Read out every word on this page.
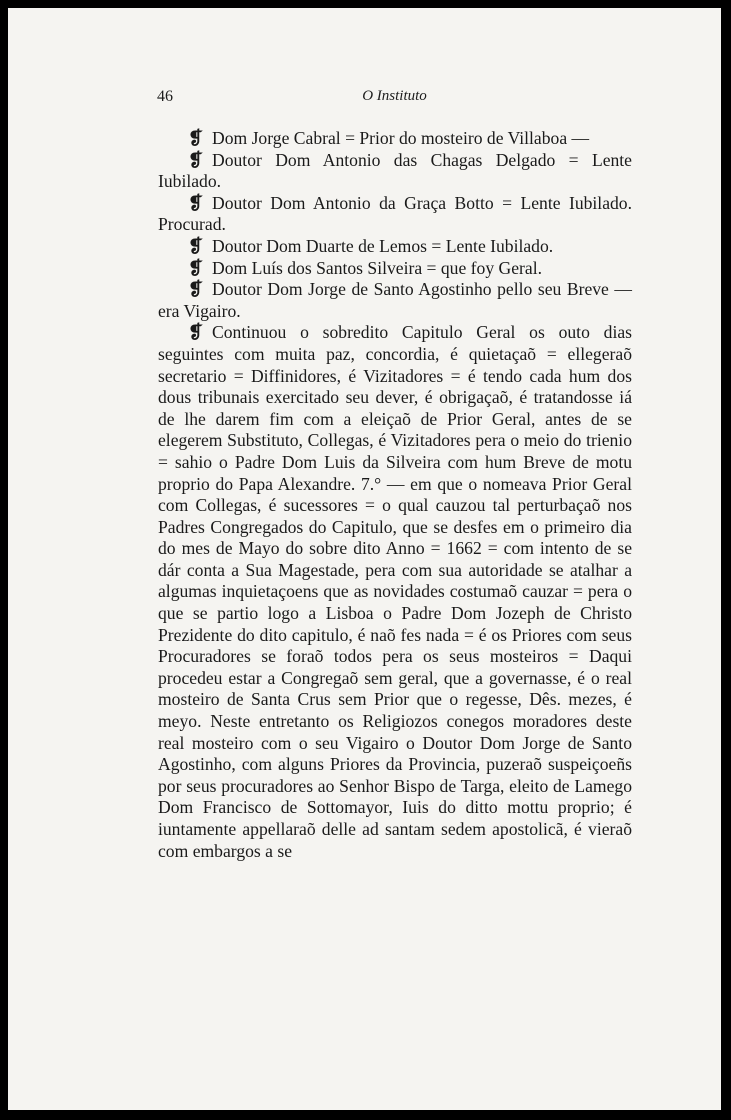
46	O Instituto

❡ Dom Jorge Cabral = Prior do mosteiro de Villaboa —

❡ Doutor Dom Antonio das Chagas Delgado = Lente Iubilado.

❡ Doutor Dom Antonio da Graça Botto = Lente Iubilado. Procurad.

❡ Doutor Dom Duarte de Lemos = Lente Iubilado.

❡ Dom Luís dos Santos Silveira = que foy Geral.

❡ Doutor Dom Jorge de Santo Agostinho pello seu Breve — era Vigairo.

❡ Continuou o sobredito Capitulo Geral os outo dias seguintes com muita paz, concordia, é quietaçaõ = ellegeraõ secretario = Diffinidores, é Vizitadores = é tendo cada hum dos dous tribunais exercitado seu dever, é obrigaçaõ, é tratandosse iá de lhe darem fim com a eleiçaõ de Prior Geral, antes de se elegerem Substituto, Collegas, é Vizitadores pera o meio do trienio = sahio o Padre Dom Luis da Silveira com hum Breve de motu proprio do Papa Alexandre. 7.° — em que o nomeava Prior Geral com Collegas, é sucessores = o qual cauzou tal perturbaçaõ nos Padres Congregados do Capitulo, que se desfes em o primeiro dia do mes de Mayo do sobre dito Anno = 1662 = com intento de se dár conta a Sua Magestade, pera com sua autoridade se atalhar a algumas inquietaçoens que as novidades costumaõ cauzar = pera o que se partio logo a Lisboa o Padre Dom Jozeph de Christo Prezidente do dito capitulo, é naõ fes nada = é os Priores com seus Procuradores se foraõ todos pera os seus mosteiros = Daqui procedeu estar a Congregaõ sem geral, que a governasse, é o real mosteiro de Santa Crus sem Prior que o regesse, Dês. mezes, é meyo. Neste entretanto os Religiozos conegos moradores deste real mosteiro com o seu Vigairo o Doutor Dom Jorge de Santo Agostinho, com alguns Priores da Provincia, puzeraõ suspeiçoeñs por seus procuradores ao Senhor Bispo de Targa, eleito de Lamego Dom Francisco de Sottomayor, Iuis do ditto mottu proprio; é iuntamente appellaraõ delle ad santam sedem apostolicã, é vieraõ com embargos a se
